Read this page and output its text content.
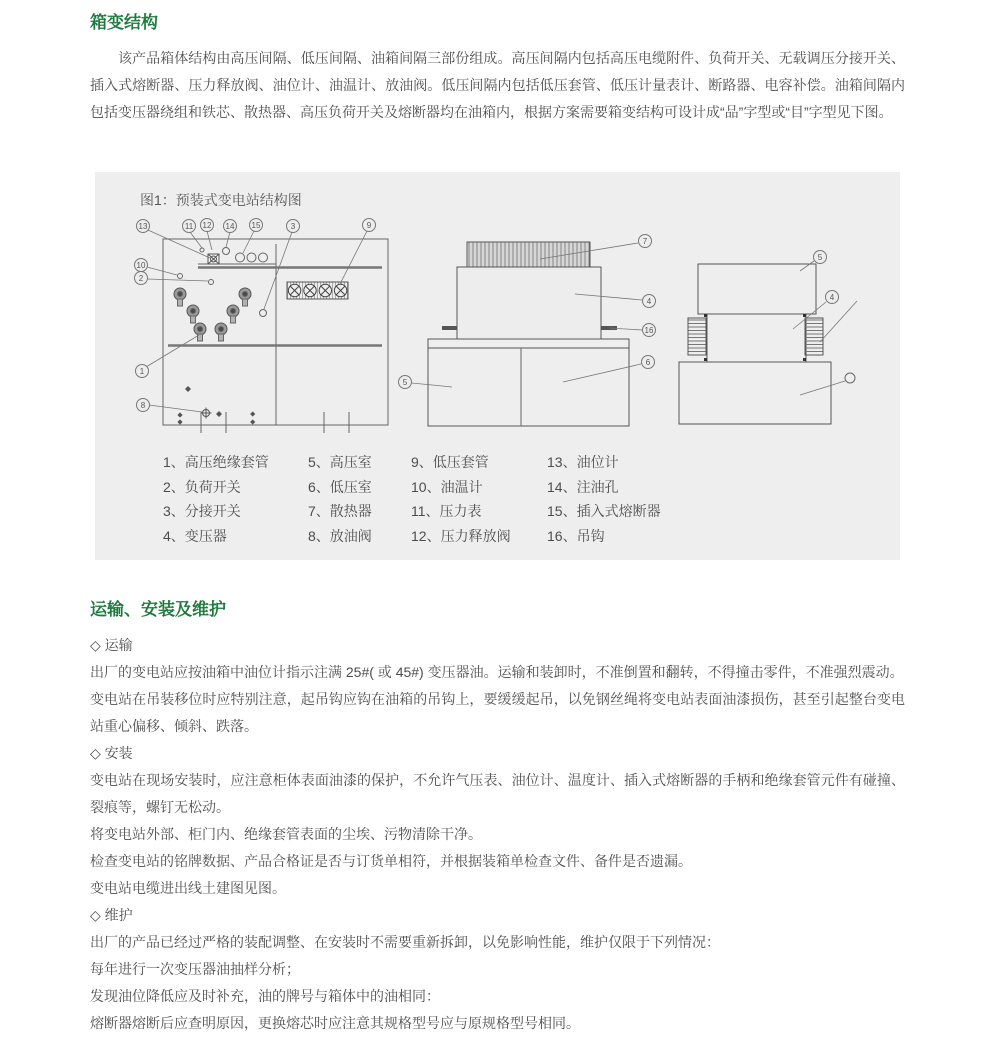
箱变结构

该产品箱体结构由高压间隔、低压间隔、油箱间隔三部份组成。高压间隔内包括高压电缆附件、负荷开关、无载调压分接开关、插入式熔断器、压力释放阀、油位计、油温计、放油阀。低压间隔内包括低压套管、低压计量表计、断路器、电容补偿。油箱间隔内包括变压器绕组和铁芯、散热器、高压负荷开关及熔断器均在油箱内，根据方案需要箱变结构可设计成“品”字型或“目”字型见下图。

图1：预装式变电站结构图
13	11 12 14 15	3	9
10
2
1
8
7
4
16
6
5
5
4
1、高压绝缘套管
2、负荷开关
3、分接开关
4、变压器
5、高压室
6、低压室
7、散热器
8、放油阀
9、低压套管
10、油温计
11、压力表
12、压力释放阀
13、油位计
14、注油孔
15、插入式熔断器
16、吊钩
运输、安装及维护

◇ 运输

出厂的变电站应按油箱中油位计指示注满 25#( 或 45#) 变压器油。运输和装卸时，不准倒置和翻转，不得撞击零件，不准强烈震动。

变电站在吊装移位时应特别注意，起吊钩应钩在油箱的吊钩上，要缓缓起吊，以免钢丝绳将变电站表面油漆损伤，甚至引起整台变电站重心偏移、倾斜、跌落。

◇ 安装

变电站在现场安装时，应注意柜体表面油漆的保护，不允许气压表、油位计、温度计、插入式熔断器的手柄和绝缘套管元件有碰撞、裂痕等，螺钉无松动。

将变电站外部、柜门内、绝缘套管表面的尘埃、污物清除干净。

检查变电站的铭牌数据、产品合格证是否与订货单相符，并根据装箱单检查文件、备件是否遗漏。

变电站电缆进出线土建图见图。

◇ 维护

出厂的产品已经过严格的装配调整、在安装时不需要重新拆卸，以免影响性能，维护仅限于下列情况：

每年进行一次变压器油抽样分析；

发现油位降低应及时补充，油的牌号与箱体中的油相同：

熔断器熔断后应查明原因，更换熔芯时应注意其规格型号应与原规格型号相同。
